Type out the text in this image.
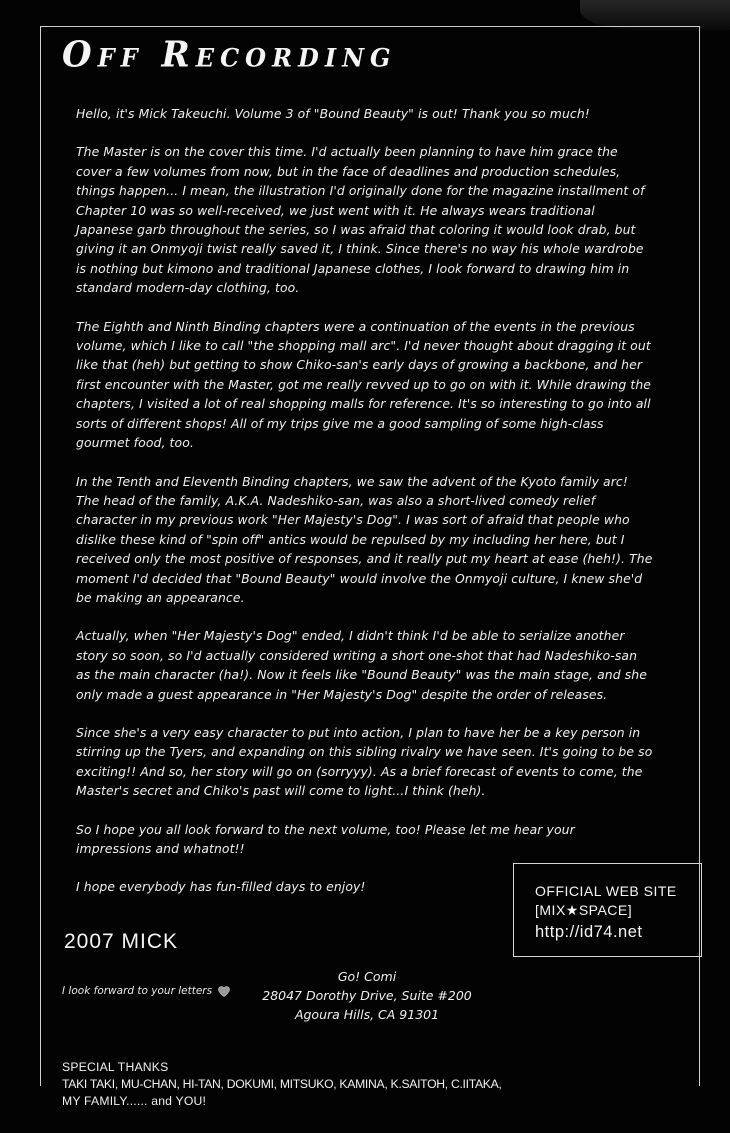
Off Recording

Hello, it's Mick Takeuchi. Volume 3 of "Bound Beauty" is out! Thank you so much!

The Master is on the cover this time. I'd actually been planning to have him grace the cover a few volumes from now, but in the face of deadlines and production schedules, things happen... I mean, the illustration I'd originally done for the magazine installment of Chapter 10 was so well-received, we just went with it. He always wears traditional Japanese garb throughout the series, so I was afraid that coloring it would look drab, but giving it an Onmyoji twist really saved it, I think. Since there's no way his whole wardrobe is nothing but kimono and traditional Japanese clothes, I look forward to drawing him in standard modern-day clothing, too.

The Eighth and Ninth Binding chapters were a continuation of the events in the previous volume, which I like to call "the shopping mall arc". I'd never thought about dragging it out like that (heh) but getting to show Chiko-san's early days of growing a backbone, and her first encounter with the Master, got me really revved up to go on with it. While drawing the chapters, I visited a lot of real shopping malls for reference. It's so interesting to go into all sorts of different shops! All of my trips give me a good sampling of some high-class gourmet food, too.

In the Tenth and Eleventh Binding chapters, we saw the advent of the Kyoto family arc! The head of the family, A.K.A. Nadeshiko-san, was also a short-lived comedy relief character in my previous work "Her Majesty's Dog". I was sort of afraid that people who dislike these kind of "spin off" antics would be repulsed by my including her here, but I received only the most positive of responses, and it really put my heart at ease (heh!). The moment I'd decided that "Bound Beauty" would involve the Onmyoji culture, I knew she'd be making an appearance.

Actually, when "Her Majesty's Dog" ended, I didn't think I'd be able to serialize another story so soon, so I'd actually considered writing a short one-shot that had Nadeshiko-san as the main character (ha!). Now it feels like "Bound Beauty" was the main stage, and she only made a guest appearance in "Her Majesty's Dog" despite the order of releases.

Since she's a very easy character to put into action, I plan to have her be a key person in stirring up the Tyers, and expanding on this sibling rivalry we have seen. It's going to be so exciting!! And so, her story will go on (sorryyy). As a brief forecast of events to come, the Master's secret and Chiko's past will come to light...I think (heh).

So I hope you all look forward to the next volume, too! Please let me hear your impressions and whatnot!!

I hope everybody has fun-filled days to enjoy!

2007 MICK
OFFICIAL WEB SITE
[MIX★SPACE]
http://id74.net
I look forward to your letters
Go! Comi
28047 Dorothy Drive, Suite #200
Agoura Hills, CA 91301
SPECIAL THANKS
TAKI TAKI, MU-CHAN, HI-TAN, DOKUMI, MITSUKO, KAMINA, K.SAITOH, C.IITAKA,
MY FAMILY...... and YOU!
